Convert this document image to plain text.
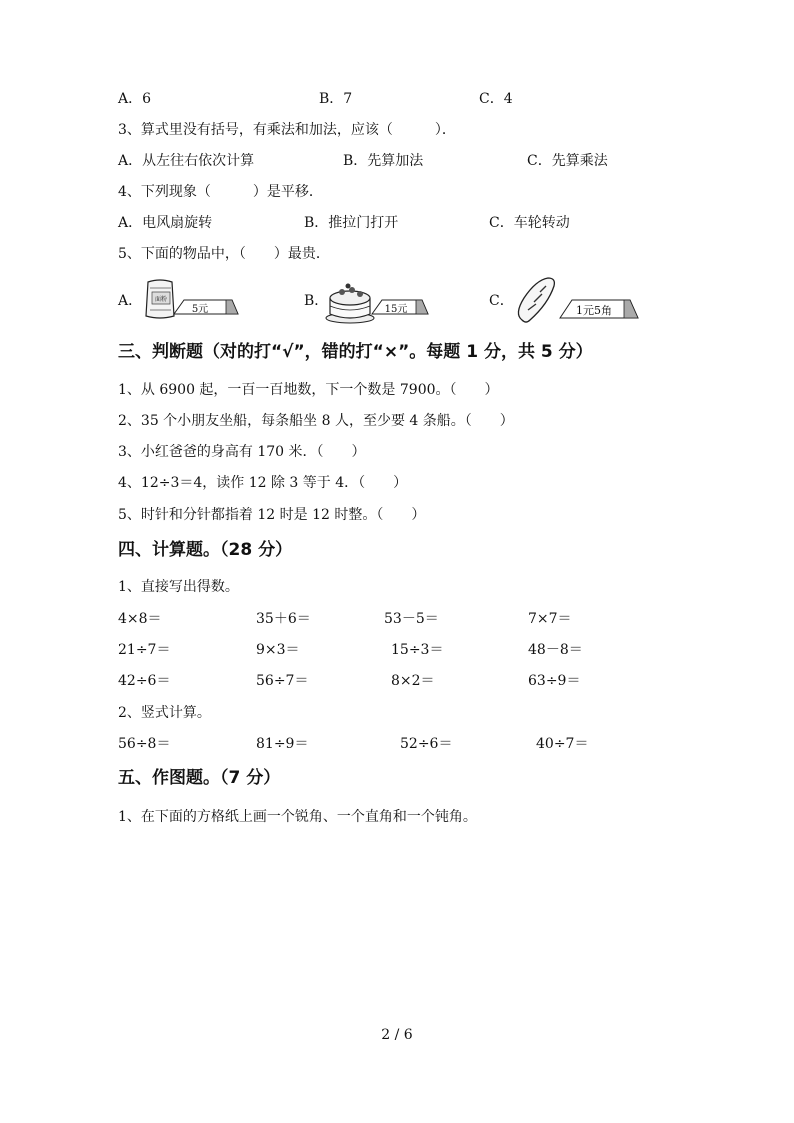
A．6	B．7	C．4
3、算式里没有括号，有乘法和加法，应该（　　　）．
A．从左往右依次计算	B．先算加法	C．先算乘法
4、下列现象（　　　）是平移．
A．电风扇旋转	B．推拉门打开	C．车轮转动
5、下面的物品中，（　　）最贵．
A． 面粉
5元
B．
15元
C．
1元5角
三、判断题（对的打“√”，错的打“×”。每题 1 分，共 5 分）
1、从 6900 起，一百一百地数，下一个数是 7900。（　　）
2、35 个小朋友坐船，每条船坐 8 人，至少要 4 条船。（　　）
3、小红爸爸的身高有 170 米．（　　）
4、12÷3＝4，读作 12 除 3 等于 4．（　　）
5、时针和分针都指着 12 时是 12 时整。（　　）
四、计算题。（28 分）
1、直接写出得数。
4×8＝	35＋6＝	53－5＝	7×7＝
21÷7＝	9×3＝	15÷3＝	48－8＝
42÷6＝	56÷7＝	8×2＝	63÷9＝
2、竖式计算。
56÷8＝	81÷9＝	52÷6＝	40÷7＝
五、作图题。（7 分）
1、在下面的方格纸上画一个锐角、一个直角和一个钝角。
2 / 6
